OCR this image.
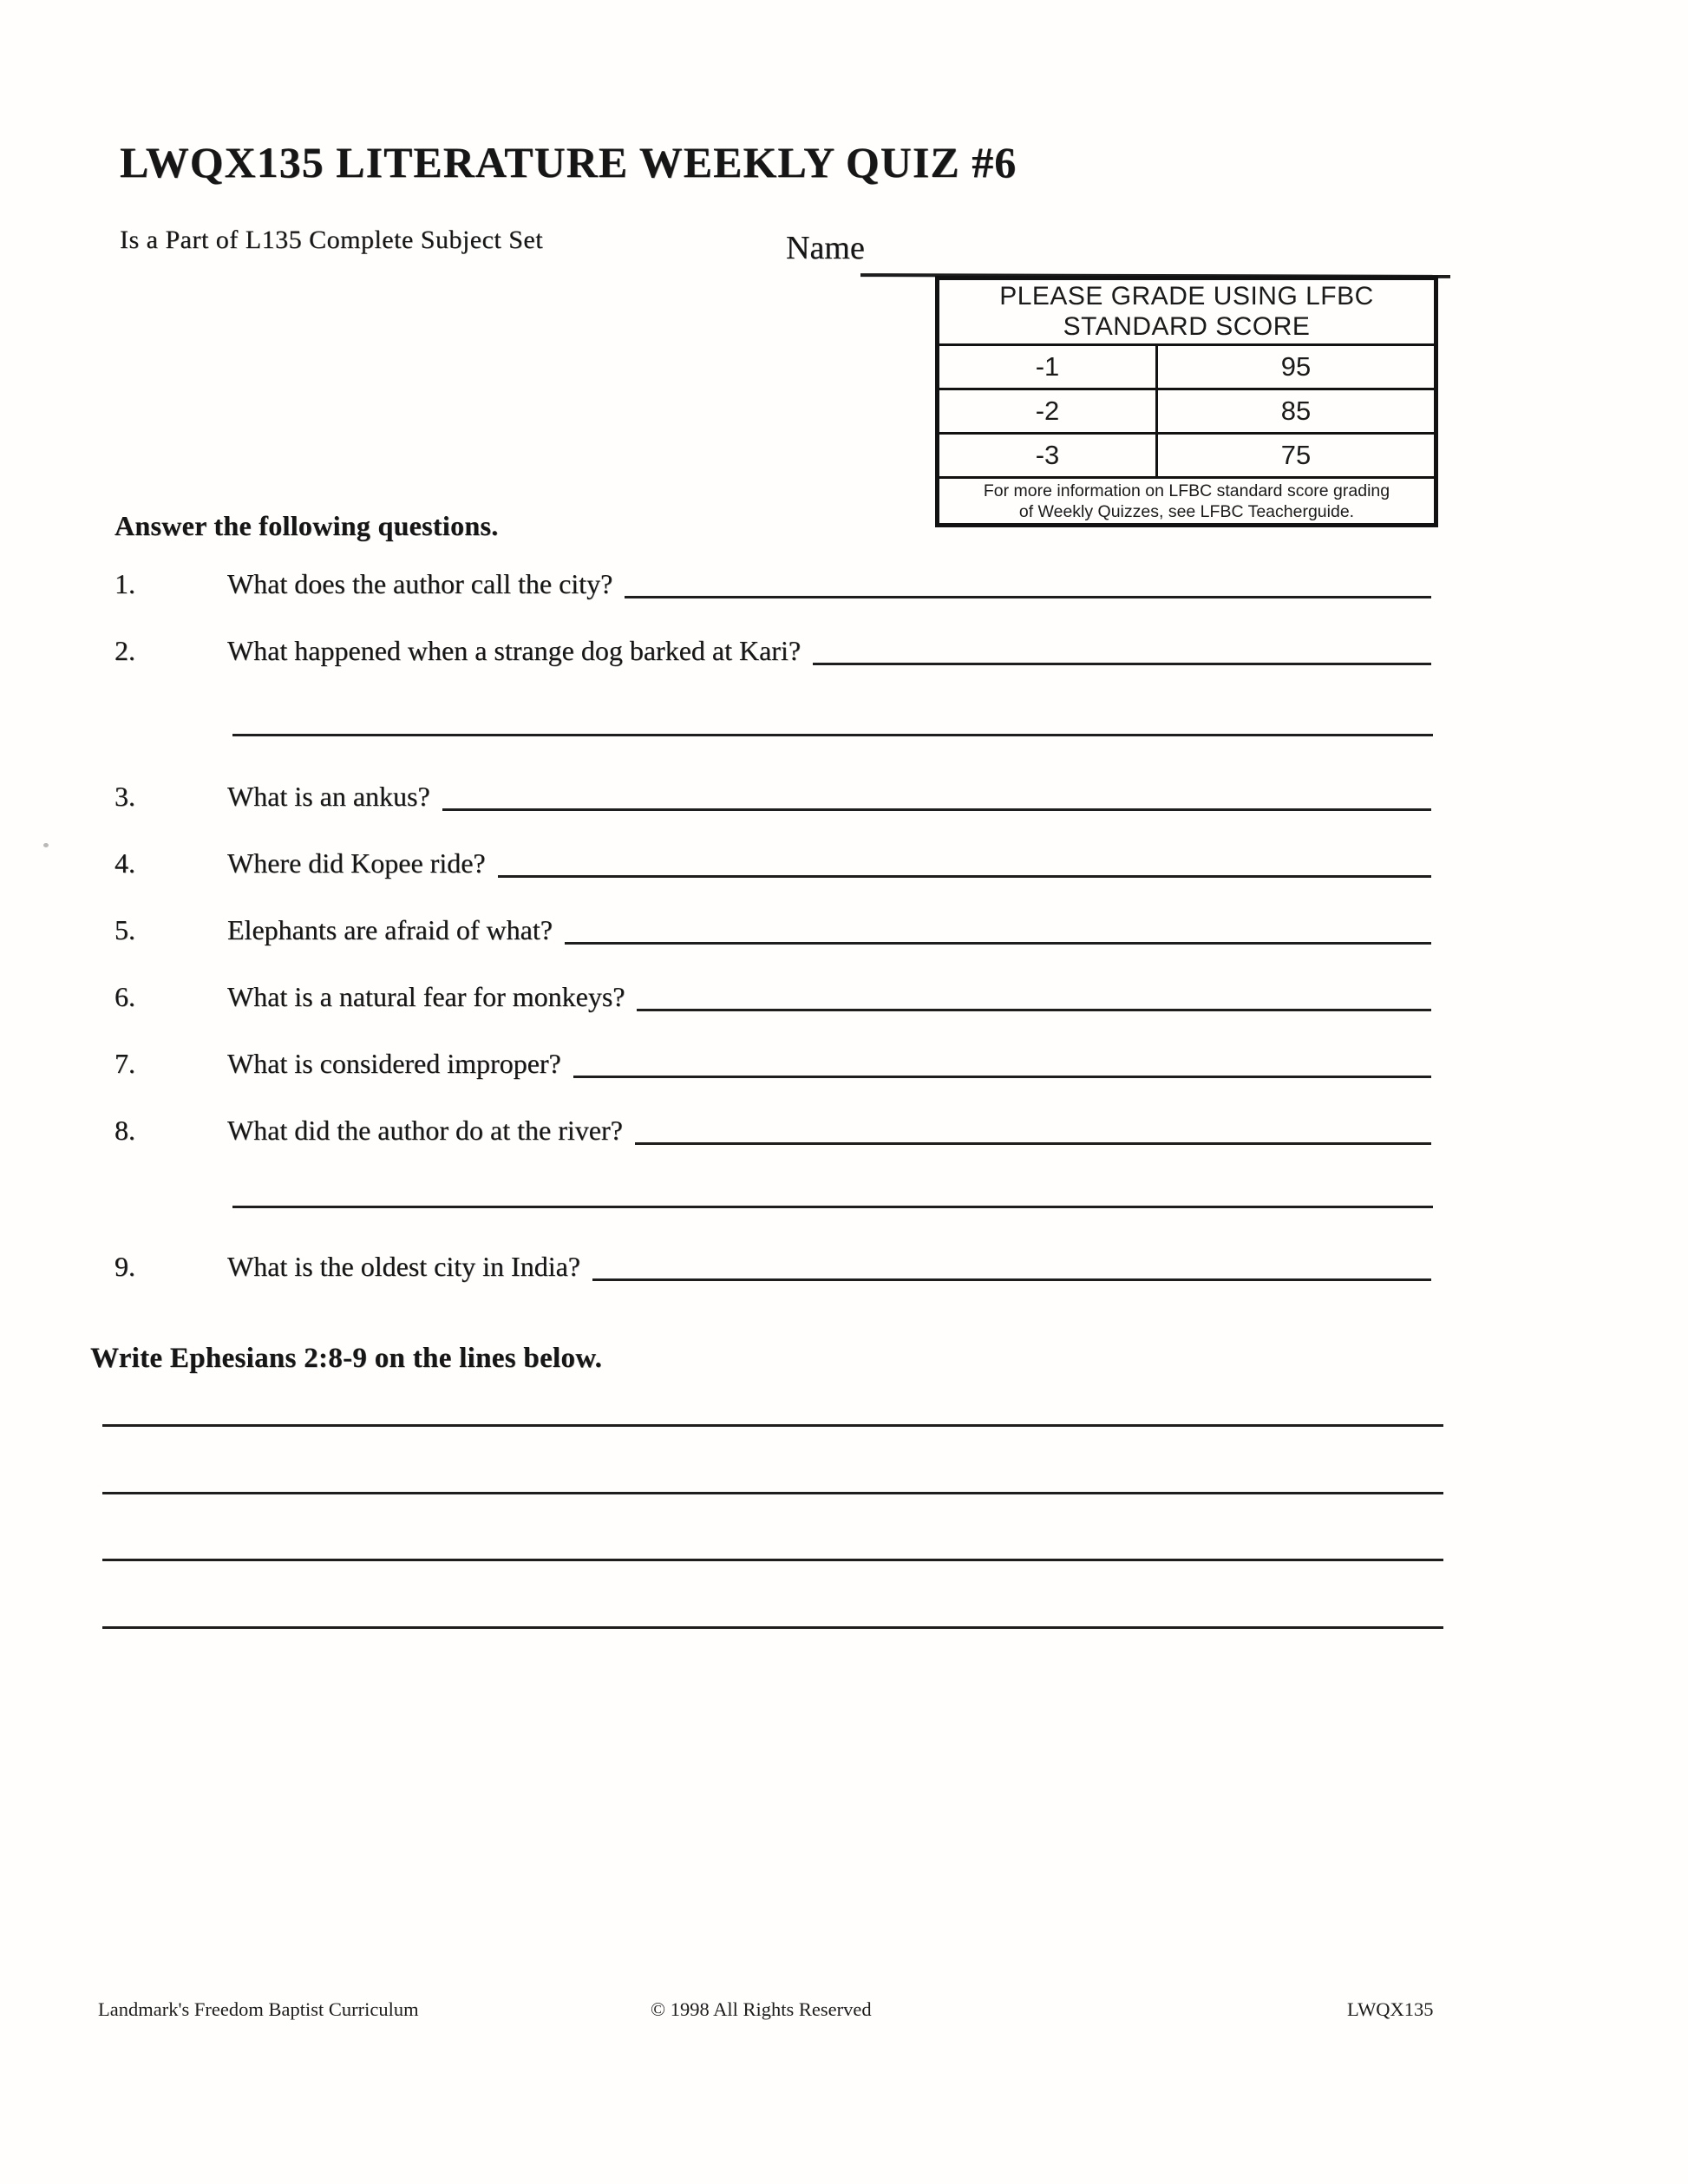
LWQX135 LITERATURE WEEKLY QUIZ #6
Is a Part of L135 Complete Subject Set	Name
PLEASE GRADE USING LFBC
STANDARD SCORE
-1	95
-2	85
-3	75
For more information on LFBC standard score grading
of Weekly Quizzes, see LFBC Teacherguide.
Answer the following questions.
1.	What does the author call the city?
2.	What happened when a strange dog barked at Kari?
3.	What is an ankus?
4.	Where did Kopee ride?
5.	Elephants are afraid of what?
6.	What is a natural fear for monkeys?
7.	What is considered improper?
8.	What did the author do at the river?
9.	What is the oldest city in India?
Write Ephesians 2:8-9 on the lines below.
Landmark's Freedom Baptist Curriculum	© 1998 All Rights Reserved	LWQX135
